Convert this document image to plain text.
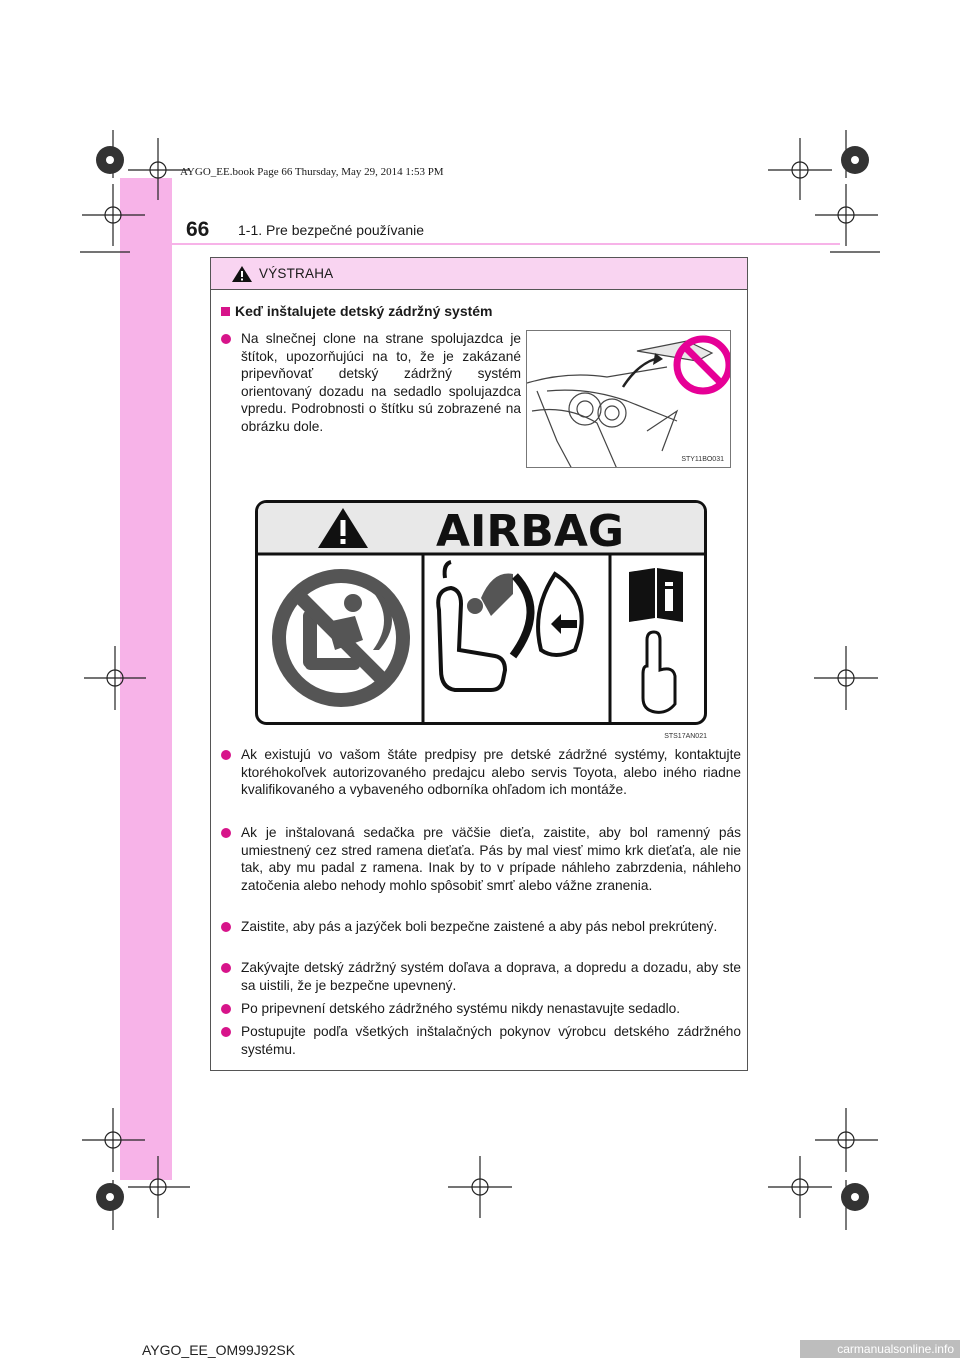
AYGO_EE.book Page 66 Thursday, May 29, 2014 1:53 PM
66 1-1. Pre bezpečné používanie
VÝSTRAHA
Keď inštalujete detský zádržný systém
Na slnečnej clone na strane spolujazdca je štítok, upozorňujúci na to, že je zakázané pripevňovať detský zádržný systém orientovaný dozadu na sedadlo spolujazdca vpredu. Podrobnosti o štítku sú zobrazené na obrázku dole.
STY11BO031
AIRBAG
STS17AN021
Ak existujú vo vašom štáte predpisy pre detské zádržné systémy, kontaktujte ktoréhokoľvek autorizovaného predajcu alebo servis Toyota, alebo iného riadne kvalifikovaného a vybaveného odborníka ohľadom ich montáže.
Ak je inštalovaná sedačka pre väčšie dieťa, zaistite, aby bol ramenný pás umiestnený cez stred ramena dieťaťa. Pás by mal viesť mimo krk dieťaťa, ale nie tak, aby mu padal z ramena. Inak by to v prípade náhleho zabrzdenia, náhleho zatočenia alebo nehody mohlo spôsobiť smrť alebo vážne zranenia.
Zaistite, aby pás a jazýček boli bezpečne zaistené a aby pás nebol prekrútený.
Zakývajte detský zádržný systém doľava a doprava, a dopredu a dozadu, aby ste sa uistili, že je bezpečne upevnený.
Po pripevnení detského zádržného systému nikdy nenastavujte sedadlo.
Postupujte podľa všetkých inštalačných pokynov výrobcu detského zádržného systému.
AYGO_EE_OM99J92SK	carmanualsonline.info
